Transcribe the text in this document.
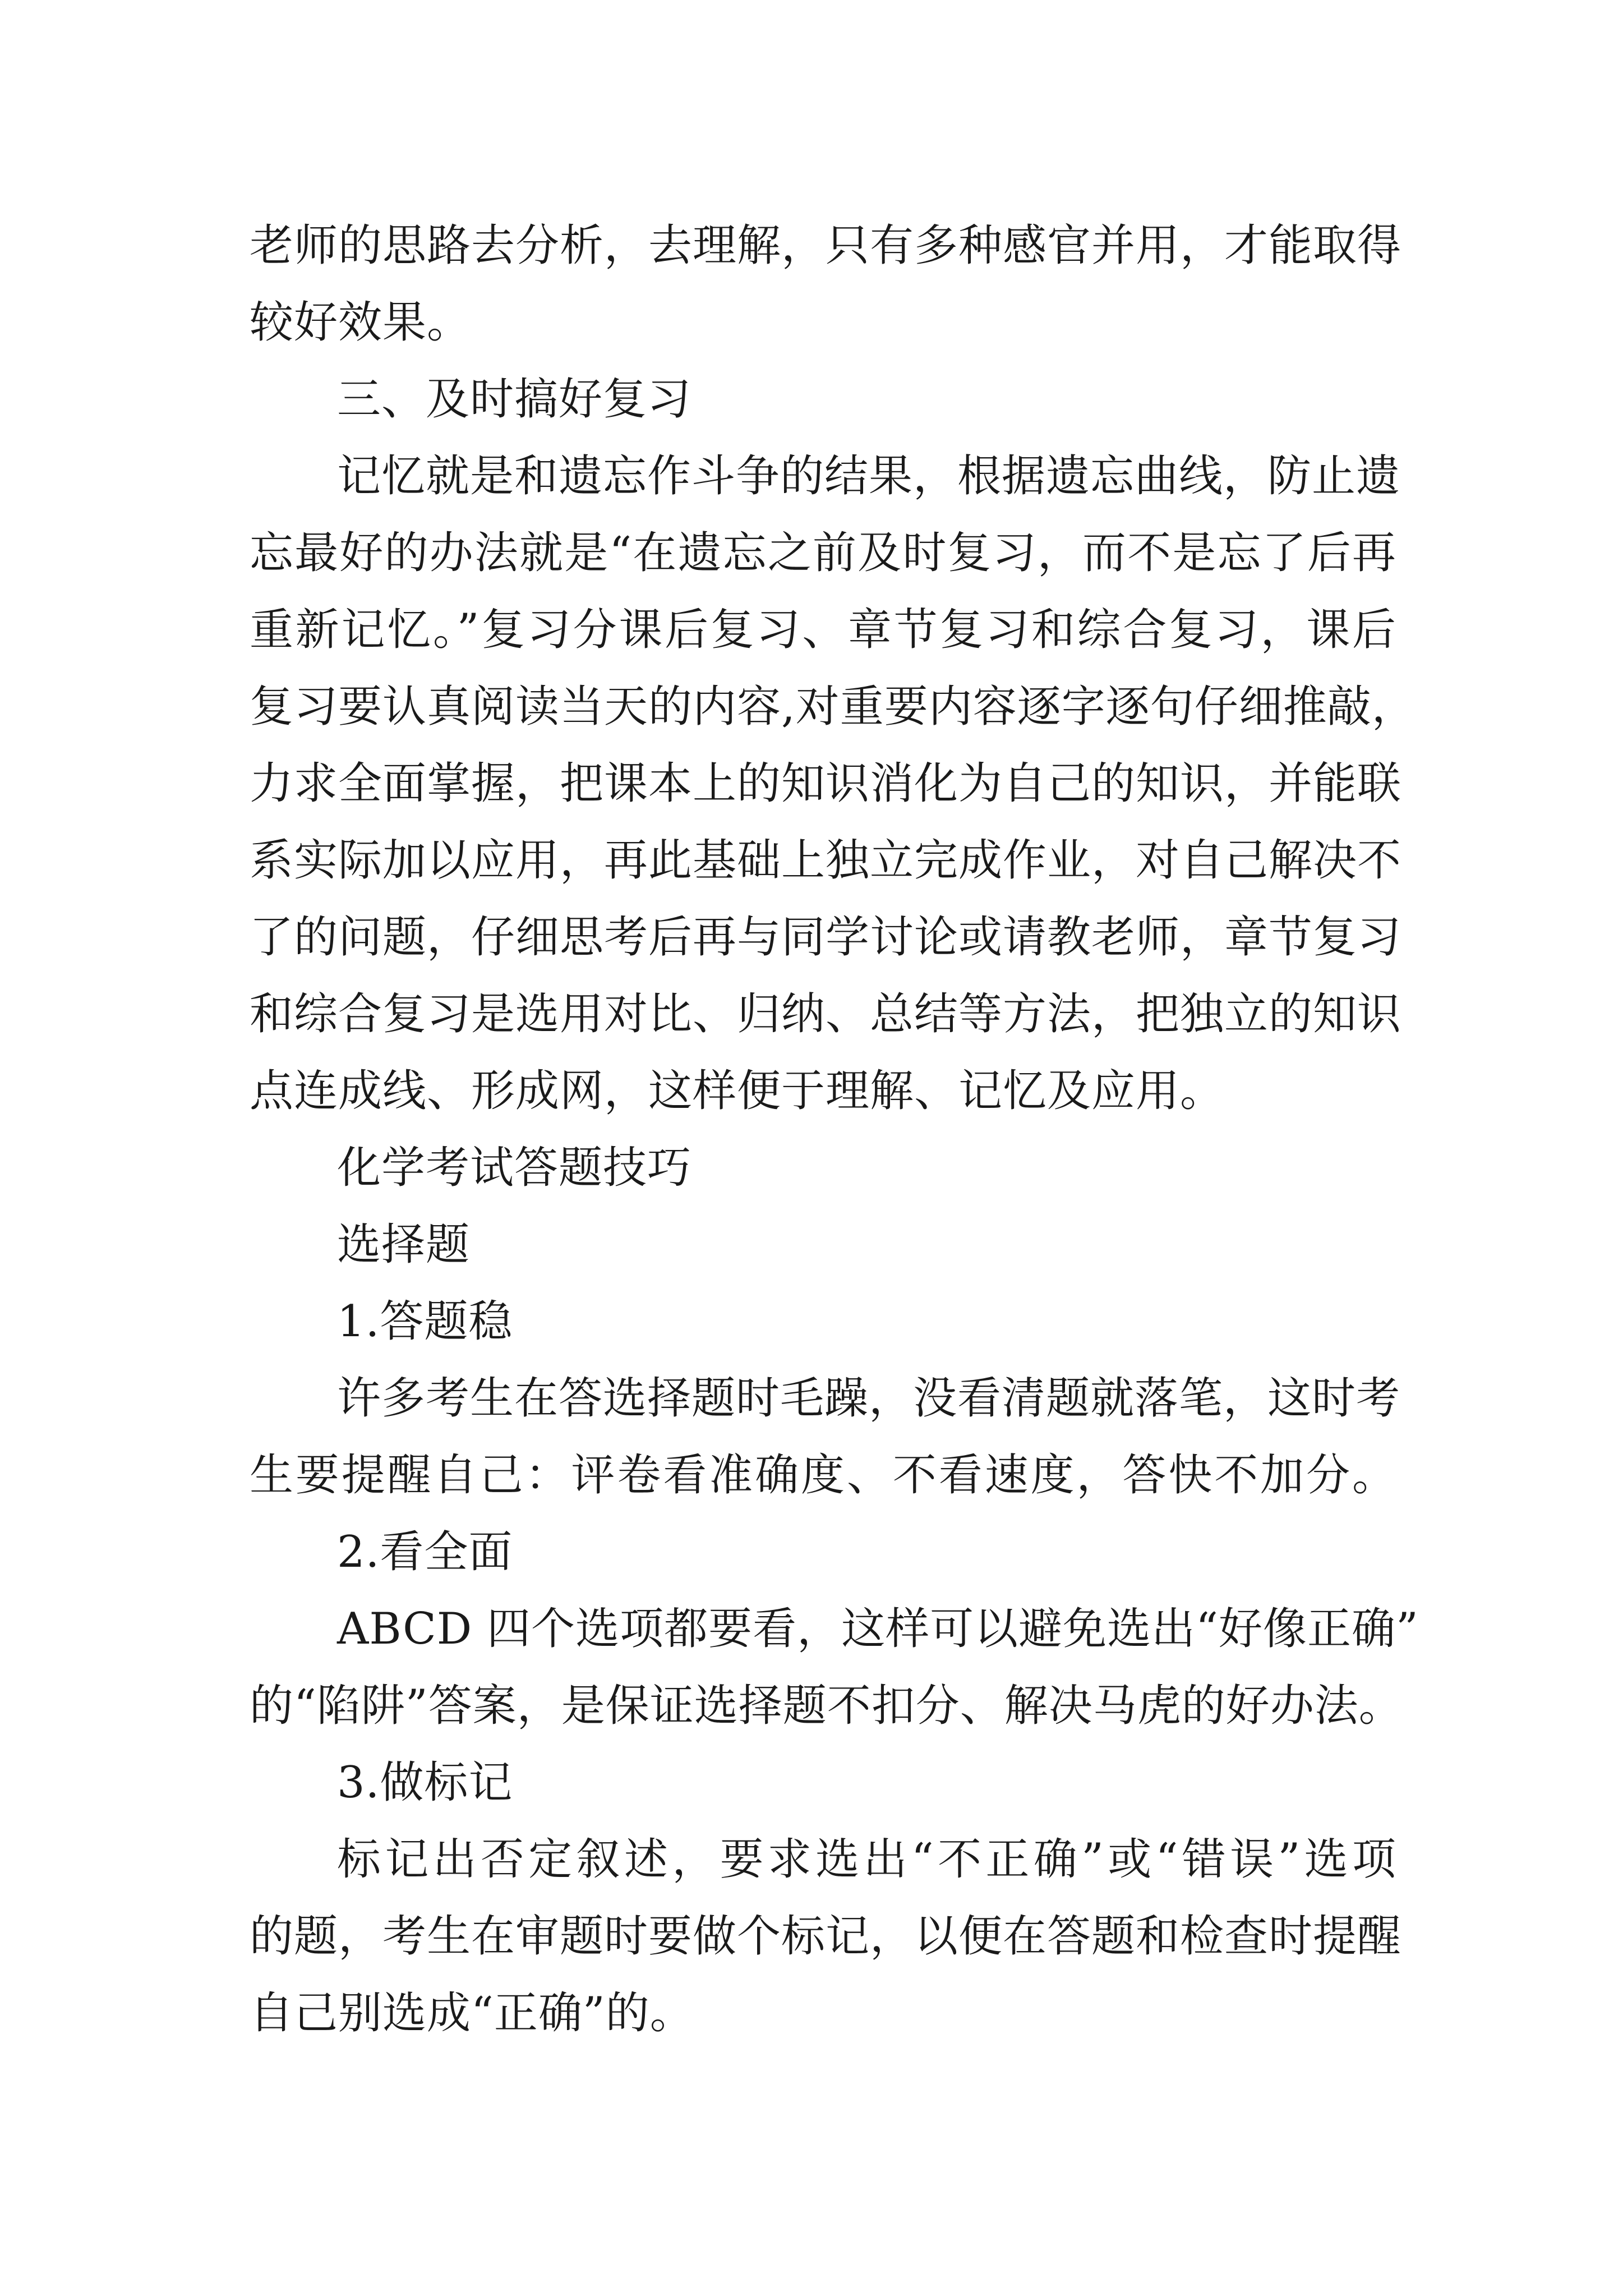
老师的思路去分析，去理解，只有多种感官并用，才能取得
较好效果。
三、及时搞好复习
记忆就是和遗忘作斗争的结果，根据遗忘曲线，防止遗
忘最好的办法就是“在遗忘之前及时复习，而不是忘了后再
重新记忆。”复习分课后复习、章节复习和综合复习，课后
复习要认真阅读当天的内容,对重要内容逐字逐句仔细推敲，
力求全面掌握，把课本上的知识消化为自己的知识，并能联
系实际加以应用，再此基础上独立完成作业，对自己解决不
了的问题，仔细思考后再与同学讨论或请教老师，章节复习
和综合复习是选用对比、归纳、总结等方法，把独立的知识
点连成线、形成网，这样便于理解、记忆及应用。
化学考试答题技巧
选择题
1.答题稳
许多考生在答选择题时毛躁，没看清题就落笔，这时考
生要提醒自己：评卷看准确度、不看速度，答快不加分。
2.看全面
ABCD 四个选项都要看，这样可以避免选出“好像正确”
的“陷阱”答案，是保证选择题不扣分、解决马虎的好办法。
3.做标记
标记出否定叙述，要求选出“不正确”或“错误”选项
的题，考生在审题时要做个标记，以便在答题和检查时提醒
自己别选成“正确”的。
